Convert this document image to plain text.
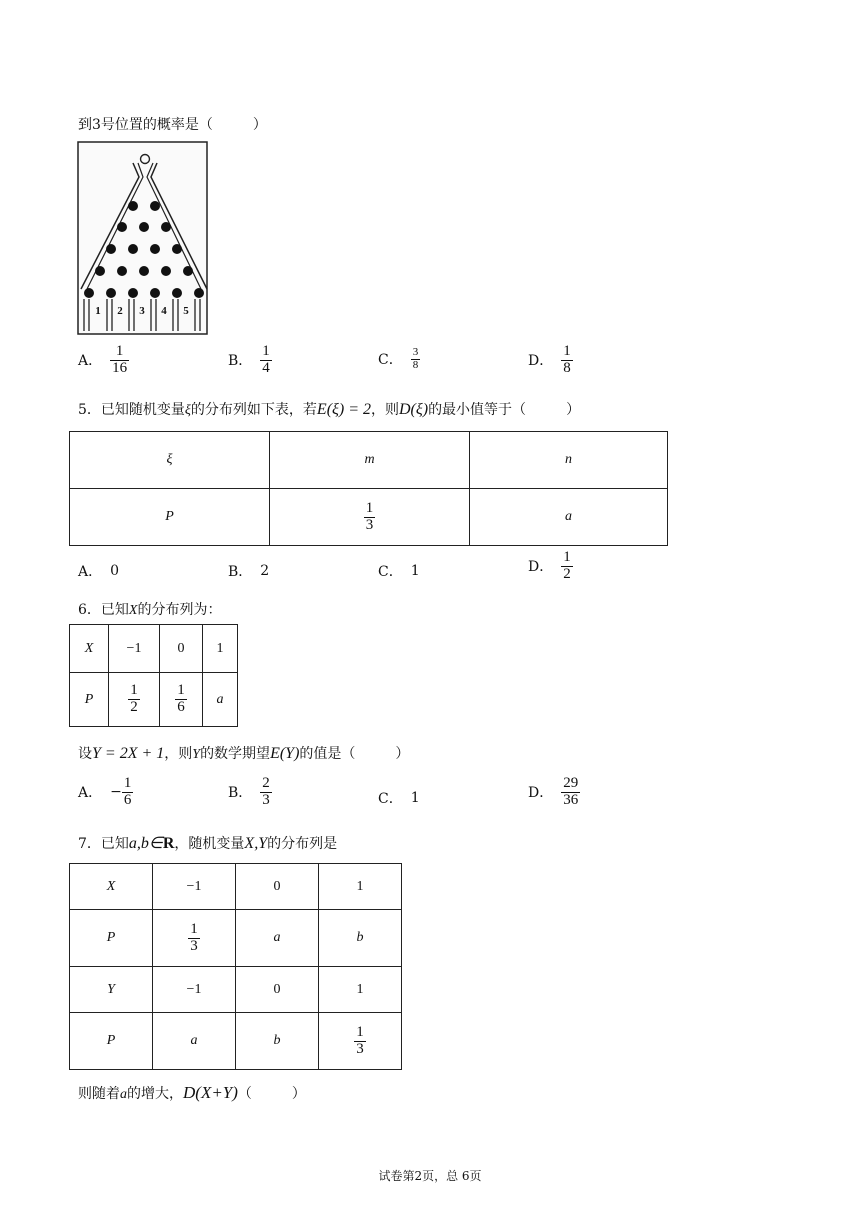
到3号位置的概率是（	）
1 2 3 4 5
A． $\frac{1}{16}$	B． $\frac{1}{4}$	C． $\frac{3}{8}$	D． $\frac{1}{8}$
5．已知随机变量ξ的分布列如下表，若E(ξ) = 2，则D(ξ)的最小值等于（	）
ξ	m	n
P	$\frac{1}{3}$	a
A． 0	B． 2	C． 1	D． $\frac{1}{2}$
6．已知X的分布列为：
X	−1	0	1
P	$\frac{1}{2}$	$\frac{1}{6}$	a
设Y = 2X + 1，则Y的数学期望E(Y)的值是（	）
A． − $\frac{1}{6}$	B． $\frac{2}{3}$	C． 1	D． $\frac{29}{36}$
7．已知a,b∈R，随机变量X,Y的分布列是
X	−1	0	1
P	$\frac{1}{3}$	a	b
Y	−1	0	1
P	a	b	$\frac{1}{3}$
则随着a的增大，D(X+Y)（	）
试卷第2页，总 6页
